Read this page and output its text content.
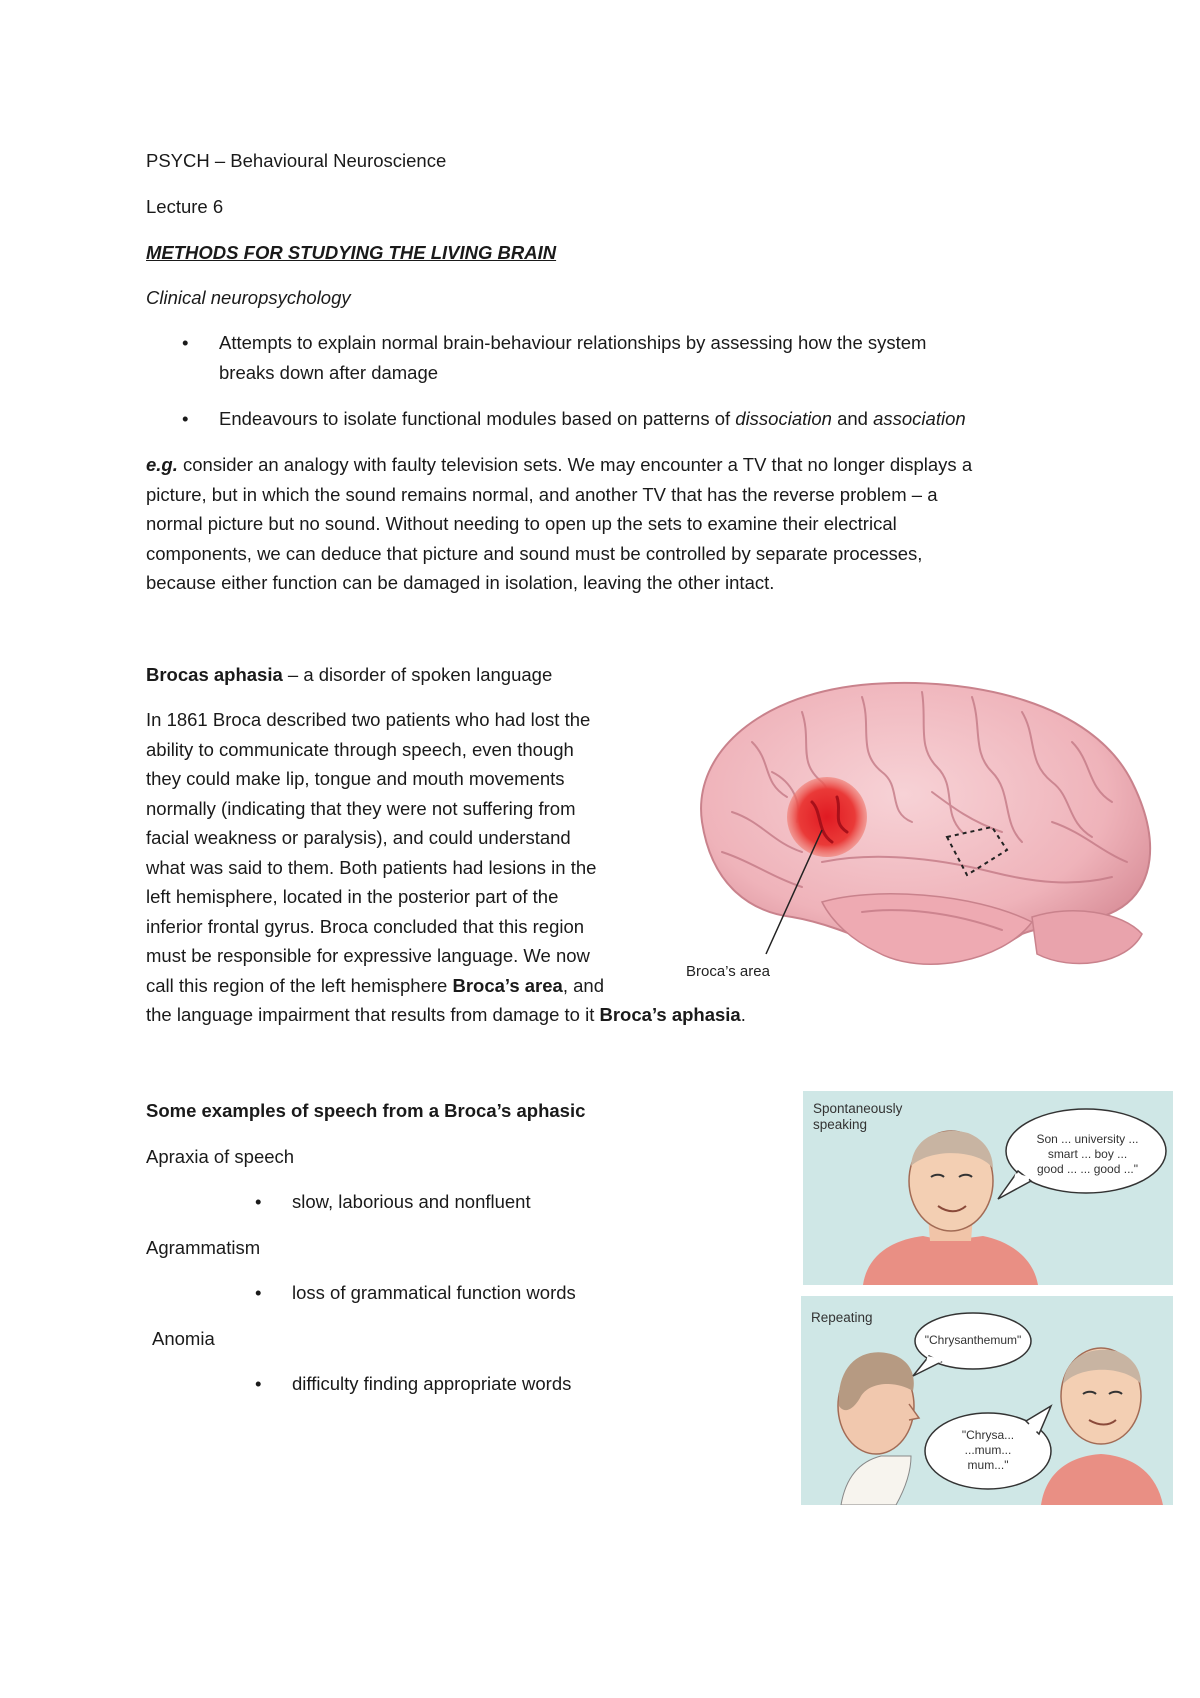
PSYCH – Behavioural Neuroscience
Lecture 6
METHODS FOR STUDYING THE LIVING BRAIN
Clinical neuropsychology
•	Attempts to explain normal brain-behaviour relationships by assessing how the system
breaks down after damage
•	Endeavours to isolate functional modules based on patterns of dissociation and association
e.g. consider an analogy with faulty television sets. We may encounter a TV that no longer displays a
picture, but in which the sound remains normal, and another TV that has the reverse problem – a
normal picture but no sound. Without needing to open up the sets to examine their electrical
components, we can deduce that picture and sound must be controlled by separate processes,
because either function can be damaged in isolation, leaving the other intact.
Brocas aphasia – a disorder of spoken language
In 1861 Broca described two patients who had lost the
ability to communicate through speech, even though
they could make lip, tongue and mouth movements
normally (indicating that they were not suffering from
facial weakness or paralysis), and could understand
what was said to them. Both patients had lesions in the
left hemisphere, located in the posterior part of the
inferior frontal gyrus. Broca concluded that this region
must be responsible for expressive language. We now
call this region of the left hemisphere Broca’s area, and
the language impairment that results from damage to it Broca’s aphasia.
Broca’s area
Some examples of speech from a Broca’s aphasic
Apraxia of speech
•	slow, laborious and nonfluent
Agrammatism
•	loss of grammatical function words
Anomia
•	difficulty finding appropriate words
Spontaneously
speaking
Son ... university ...
smart ... boy ...
good ... ... good ..."
Repeating
"Chrysanthemum"
"Chrysa...
...mum...
mum..."
